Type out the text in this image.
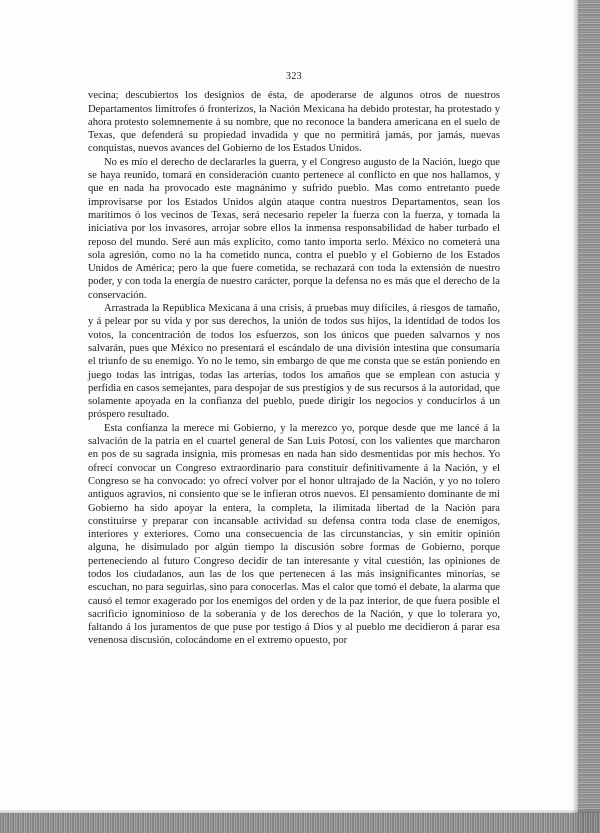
323

vecina; descubiertos los designios de ésta, de apoderarse de algunos otros de nuestros Departamentos limítrofes ó fronterizos, la Nación Mexicana ha debido protestar, ha protestado y ahora protesto solemnemente á su nombre, que no reconoce la bandera americana en el suelo de Texas, que defenderá su propiedad invadida y que no permitirá jamás, por jamás, nuevas conquistas, nuevos avances del Gobierno de los Estados Unidos.

No es mío el derecho de declararles la guerra, y el Congreso augusto de la Nación, luego que se haya reunido, tomará en consideración cuanto pertenece al conflicto en que nos hallamos, y que en nada ha provocado este magnánimo y sufrido pueblo. Mas como entretanto puede improvisarse por los Estados Unidos algún ataque contra nuestros Departamentos, sean los marítimos ó los vecinos de Texas, será necesario repeler la fuerza con la fuerza, y tomada la iniciativa por los invasores, arrojar sobre ellos la inmensa responsabilidad de haber turbado el reposo del mundo. Seré aun más explícito, como tanto importa serlo. México no cometerá una sola agresión, como no la ha cometido nunca, contra el pueblo y el Gobierno de los Estados Unidos de América; pero la que fuere cometida, se rechazará con toda la extensión de nuestro poder, y con toda la energía de nuestro carácter, porque la defensa no es más que el derecho de la conservación.

Arrastrada la República Mexicana á una crisis, á pruebas muy difíciles, á riesgos de tamaño, y á pelear por su vida y por sus derechos, la unión de todos sus hijos, la identidad de todos los votos, la concentración de todos los esfuerzos, son los únicos que pueden salvarnos y nos salvarán, pues que México no presentará el escándalo de una división intestina que consumaría el triunfo de su enemigo. Yo no le temo, sin embargo de que me consta que se están poniendo en juego todas las intrigas, todas las arterías, todos los amaños que se emplean con astucia y perfidia en casos semejantes, para despojar de sus prestigios y de sus recursos á la autoridad, que solamente apoyada en la confianza del pueblo, puede dirigir los negocios y conducirlos á un próspero resultado.

Esta confianza la merece mi Gobierno, y la merezco yo, porque desde que me lancé á la salvación de la patria en el cuartel general de San Luis Potosí, con los valientes que marcharon en pos de su sagrada insignia, mis promesas en nada han sido desmentidas por mis hechos. Yo ofrecí convocar un Congreso extraordinario para constituir definitivamente á la Nación, y el Congreso se ha convocado: yo ofrecí volver por el honor ultrajado de la Nación, y yo no tolero antiguos agravios, ni consiento que se le infieran otros nuevos. El pensamiento dominante de mi Gobierno ha sido apoyar la entera, la completa, la ilimitada libertad de la Nación para constituirse y preparar con incansable actividad su defensa contra toda clase de enemigos, interiores y exteriores. Como una consecuencia de las circunstancias, y sin emitir opinión alguna, he disimulado por algún tiempo la discusión sobre formas de Gobierno, porque perteneciendo al futuro Congreso decidir de tan interesante y vital cuestión, las opiniones de todos los ciudadanos, aun las de los que pertenecen á las más insignificantes minorías, se escuchan, no para seguirlas, sino para conocerlas. Mas el calor que tomó el debate, la alarma que causó el temor exagerado por los enemigos del orden y de la paz interior, de que fuera posible el sacrificio ignominioso de la soberanía y de los derechos de la Nación, y que lo tolerara yo, faltando á los juramentos de que puse por testigo á Dios y al pueblo me decidieron á parar esa venenosa discusión, colocándome en el extremo opuesto, por
